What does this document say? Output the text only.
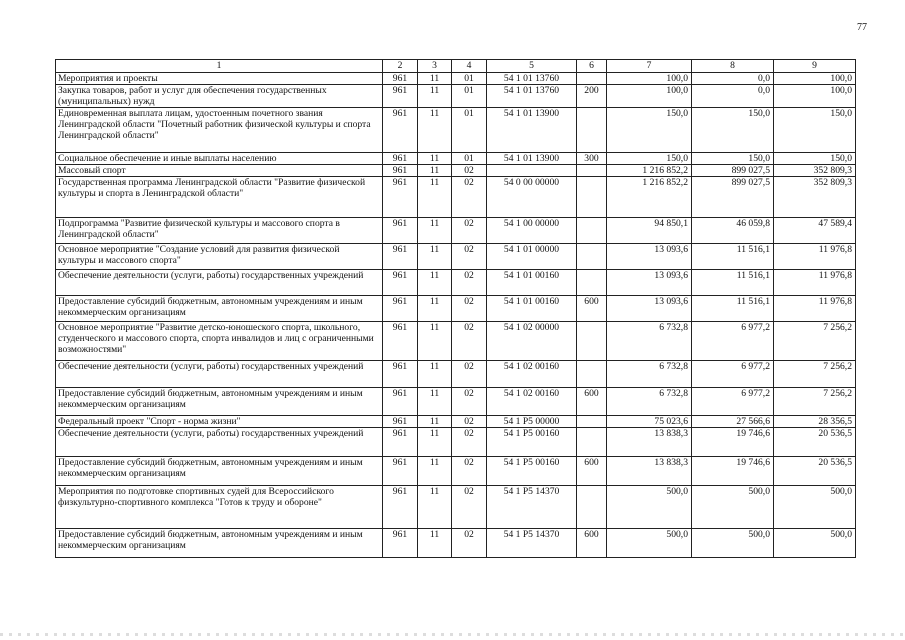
77
1	2	3	4	5	6	7	8	9
Мероприятия и проекты	961	11	01	54 1 01 13760		100,0	0,0	100,0
Закупка товаров, работ и услуг для обеспечения государственных (муниципальных) нужд	961	11	01	54 1 01 13760	200	100,0	0,0	100,0
Единовременная выплата лицам, удостоенным почетного звания Ленинградской области "Почетный работник физической культуры и спорта Ленинградской области"	961	11	01	54 1 01 13900		150,0	150,0	150,0
Социальное обеспечение и иные выплаты населению	961	11	01	54 1 01 13900	300	150,0	150,0	150,0
Массовый спорт	961	11	02			1 216 852,2	899 027,5	352 809,3
Государственная программа Ленинградской области "Развитие физической культуры и спорта в Ленинградской области"	961	11	02	54 0 00 00000		1 216 852,2	899 027,5	352 809,3
Подпрограмма "Развитие физической культуры и массового спорта в Ленинградской области"	961	11	02	54 1 00 00000		94 850,1	46 059,8	47 589,4
Основное мероприятие "Создание условий для развития физической культуры и массового спорта"	961	11	02	54 1 01 00000		13 093,6	11 516,1	11 976,8
Обеспечение деятельности (услуги, работы) государственных учреждений	961	11	02	54 1 01 00160		13 093,6	11 516,1	11 976,8
Предоставление субсидий бюджетным, автономным учреждениям и иным некоммерческим организациям	961	11	02	54 1 01 00160	600	13 093,6	11 516,1	11 976,8
Основное мероприятие "Развитие детско-юношеского спорта, школьного, студенческого и массового спорта, спорта инвалидов и лиц с ограниченными возможностями"	961	11	02	54 1 02 00000		6 732,8	6 977,2	7 256,2
Обеспечение деятельности (услуги, работы) государственных учреждений	961	11	02	54 1 02 00160		6 732,8	6 977,2	7 256,2
Предоставление субсидий бюджетным, автономным учреждениям и иным некоммерческим организациям	961	11	02	54 1 02 00160	600	6 732,8	6 977,2	7 256,2
Федеральный проект "Спорт - норма жизни"	961	11	02	54 1 P5 00000		75 023,6	27 566,6	28 356,5
Обеспечение деятельности (услуги, работы) государственных учреждений	961	11	02	54 1 P5 00160		13 838,3	19 746,6	20 536,5
Предоставление субсидий бюджетным, автономным учреждениям и иным некоммерческим организациям	961	11	02	54 1 P5 00160	600	13 838,3	19 746,6	20 536,5
Мероприятия по подготовке спортивных судей для Всероссийского физкультурно-спортивного комплекса "Готов к труду и обороне"	961	11	02	54 1 P5 14370		500,0	500,0	500,0
Предоставление субсидий бюджетным, автономным учреждениям и иным некоммерческим организациям	961	11	02	54 1 P5 14370	600	500,0	500,0	500,0
